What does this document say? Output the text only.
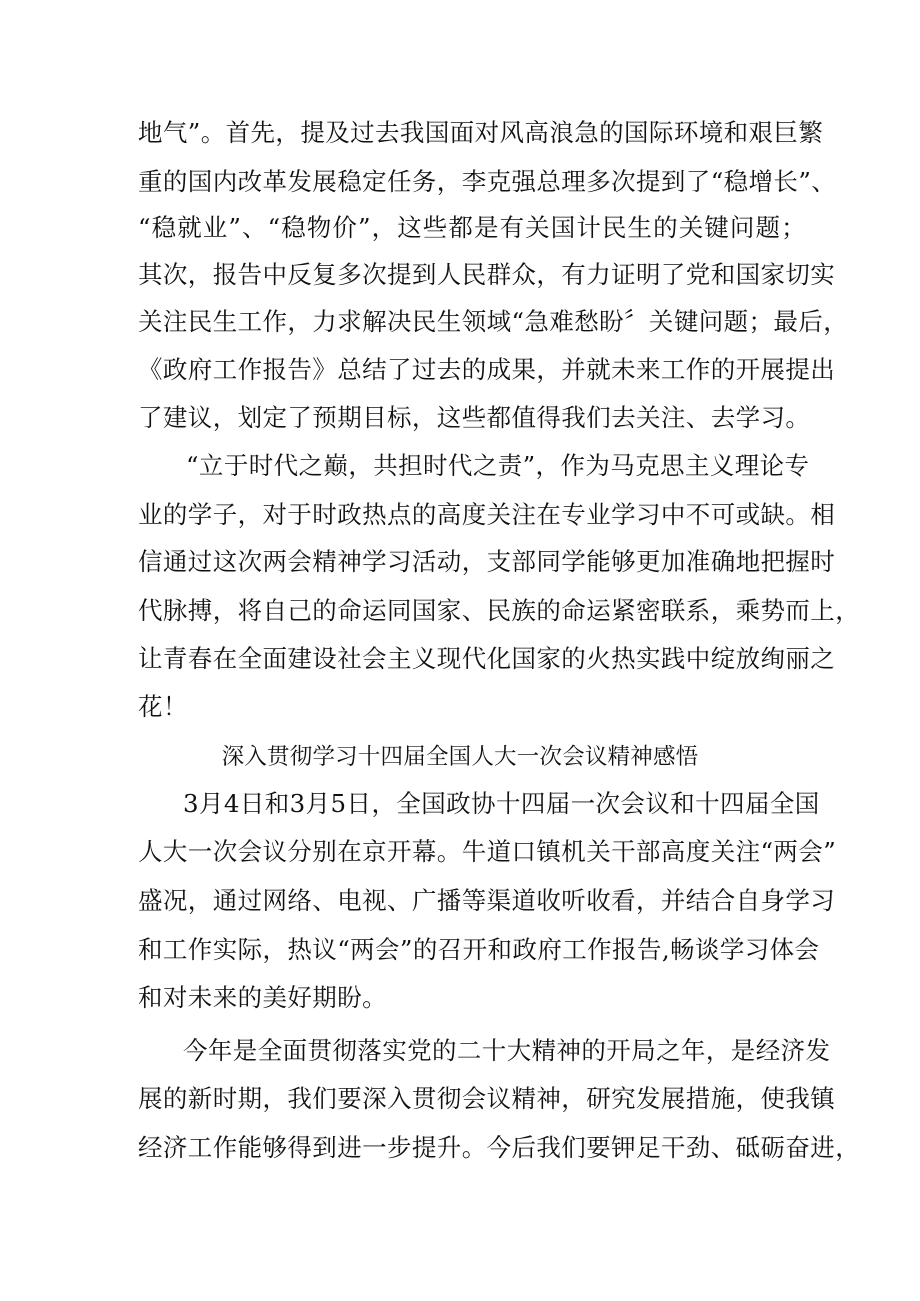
地气”。首先，提及过去我国面对风高浪急的国际环境和艰巨繁
重的国内改革发展稳定任务，李克强总理多次提到了“稳增长”、
“稳就业”、“稳物价”，这些都是有关国计民生的关键问题；
其次，报告中反复多次提到人民群众，有力证明了党和国家切实
关注民生工作，力求解决民生领域“急难愁盼〞关键问题；最后，
《政府工作报告》总结了过去的成果，并就未来工作的开展提出
了建议，划定了预期目标，这些都值得我们去关注、去学习。
“立于时代之巅，共担时代之责”，作为马克思主义理论专
业的学子，对于时政热点的高度关注在专业学习中不可或缺。相
信通过这次两会精神学习活动，支部同学能够更加准确地把握时
代脉搏，将自己的命运同国家、民族的命运紧密联系，乘势而上，
让青春在全面建设社会主义现代化国家的火热实践中绽放绚丽之
花！
深入贯彻学习十四届全国人大一次会议精神感悟
3月4日和3月5日，全国政协十四届一次会议和十四届全国
人大一次会议分别在京开幕。牛道口镇机关干部高度关注“两会”
盛况，通过网络、电视、广播等渠道收听收看，并结合自身学习
和工作实际，热议“两会”的召开和政府工作报告,畅谈学习体会
和对未来的美好期盼。
今年是全面贯彻落实党的二十大精神的开局之年，是经济发
展的新时期，我们要深入贯彻会议精神，研究发展措施，使我镇
经济工作能够得到进一步提升。今后我们要钾足干劲、砥砺奋进，
